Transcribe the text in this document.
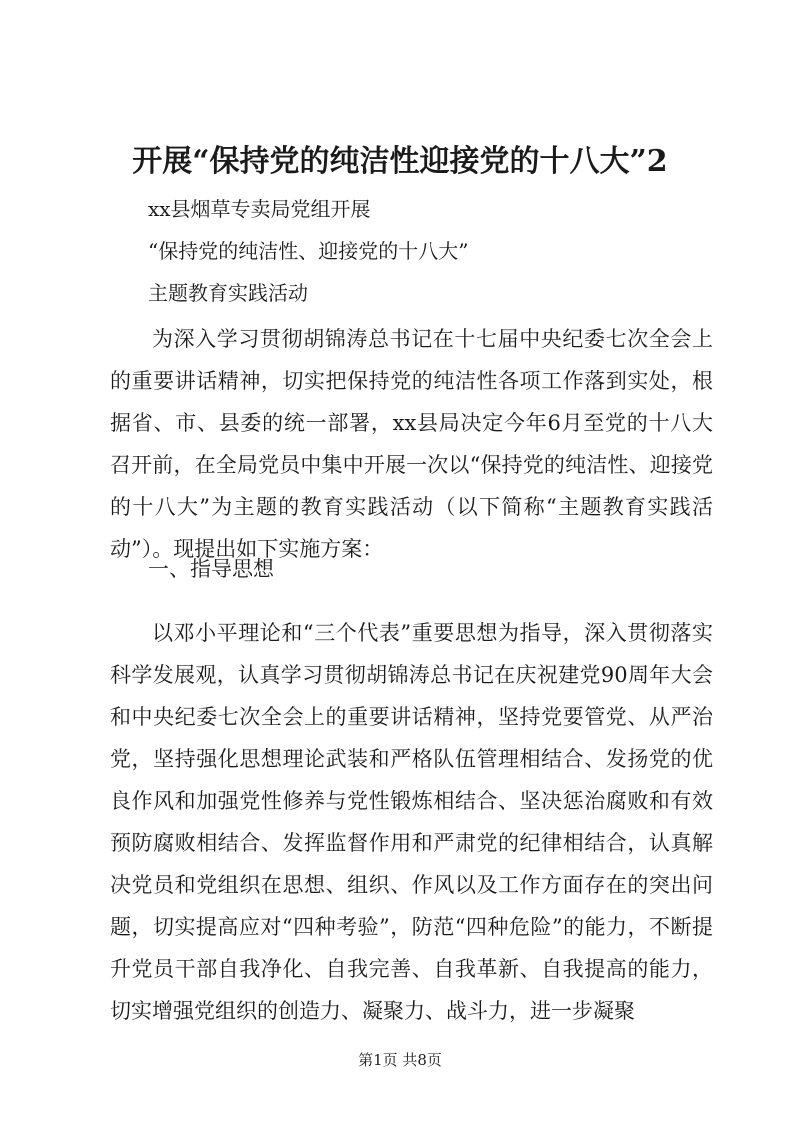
开展“保持党的纯洁性迎接党的十八大”2
xx县烟草专卖局党组开展
“保持党的纯洁性、迎接党的十八大”
主题教育实践活动

为深入学习贯彻胡锦涛总书记在十七届中央纪委七次全会上的重要讲话精神，切实把保持党的纯洁性各项工作落到实处，根据省、市、县委的统一部署，xx县局决定今年6月至党的十八大召开前，在全局党员中集中开展一次以“保持党的纯洁性、迎接党的十八大”为主题的教育实践活动（以下简称“主题教育实践活动”）。现提出如下实施方案：

一、指导思想

以邓小平理论和“三个代表”重要思想为指导，深入贯彻落实科学发展观，认真学习贯彻胡锦涛总书记在庆祝建党90周年大会和中央纪委七次全会上的重要讲话精神，坚持党要管党、从严治党，坚持强化思想理论武装和严格队伍管理相结合、发扬党的优良作风和加强党性修养与党性锻炼相结合、坚决惩治腐败和有效预防腐败相结合、发挥监督作用和严肃党的纪律相结合，认真解决党员和党组织在思想、组织、作风以及工作方面存在的突出问题，切实提高应对“四种考验”，防范“四种危险”的能力，不断提升党员干部自我净化、自我完善、自我革新、自我提高的能力，切实增强党组织的创造力、凝聚力、战斗力，进一步凝聚

第1页 共8页
